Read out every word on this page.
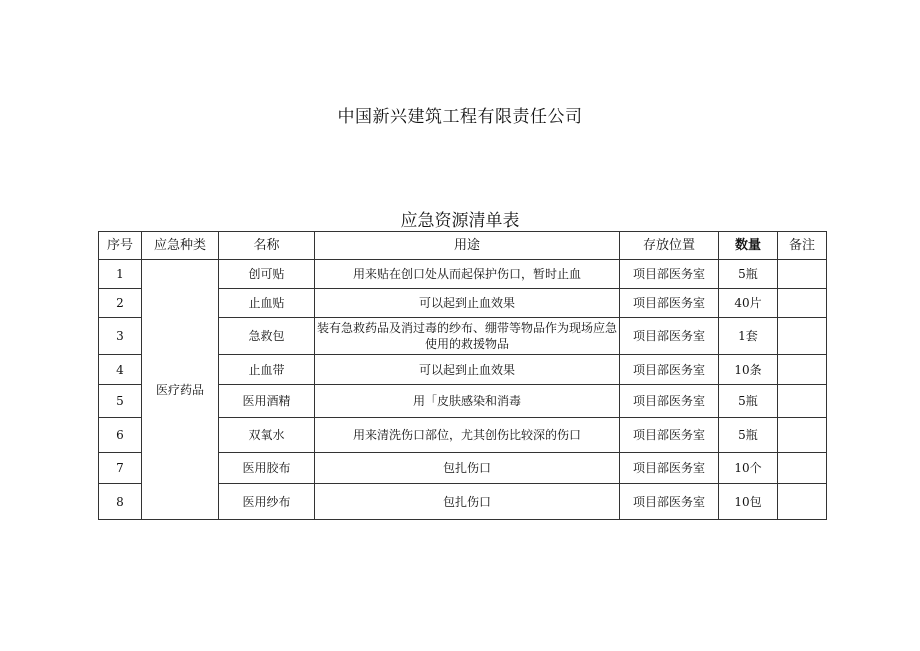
中国新兴建筑工程有限责任公司
应急资源清单表
序号	应急种类	名称	用途	存放位置	数量	备注
1	医疗药品	创可贴	用来贴在创口处从而起保护伤口，暂时止血	项目部医务室	5瓶	
2		止血贴	可以起到止血效果	项目部医务室	40片	
3		急救包	装有急救药品及消过毒的纱布、绷带等物品作为现场应急使用的救援物品	项目部医务室	1套	
4		止血带	可以起到止血效果	项目部医务室	10条	
5		医用酒精	用「皮肤感染和消毒	项目部医务室	5瓶	
6		双氧水	用来清洗伤口部位，尤其创伤比较深的伤口	项目部医务室	5瓶	
7		医用胶布	包扎伤口	项目部医务室	10个	
8		医用纱布	包扎伤口	项目部医务室	10包	
